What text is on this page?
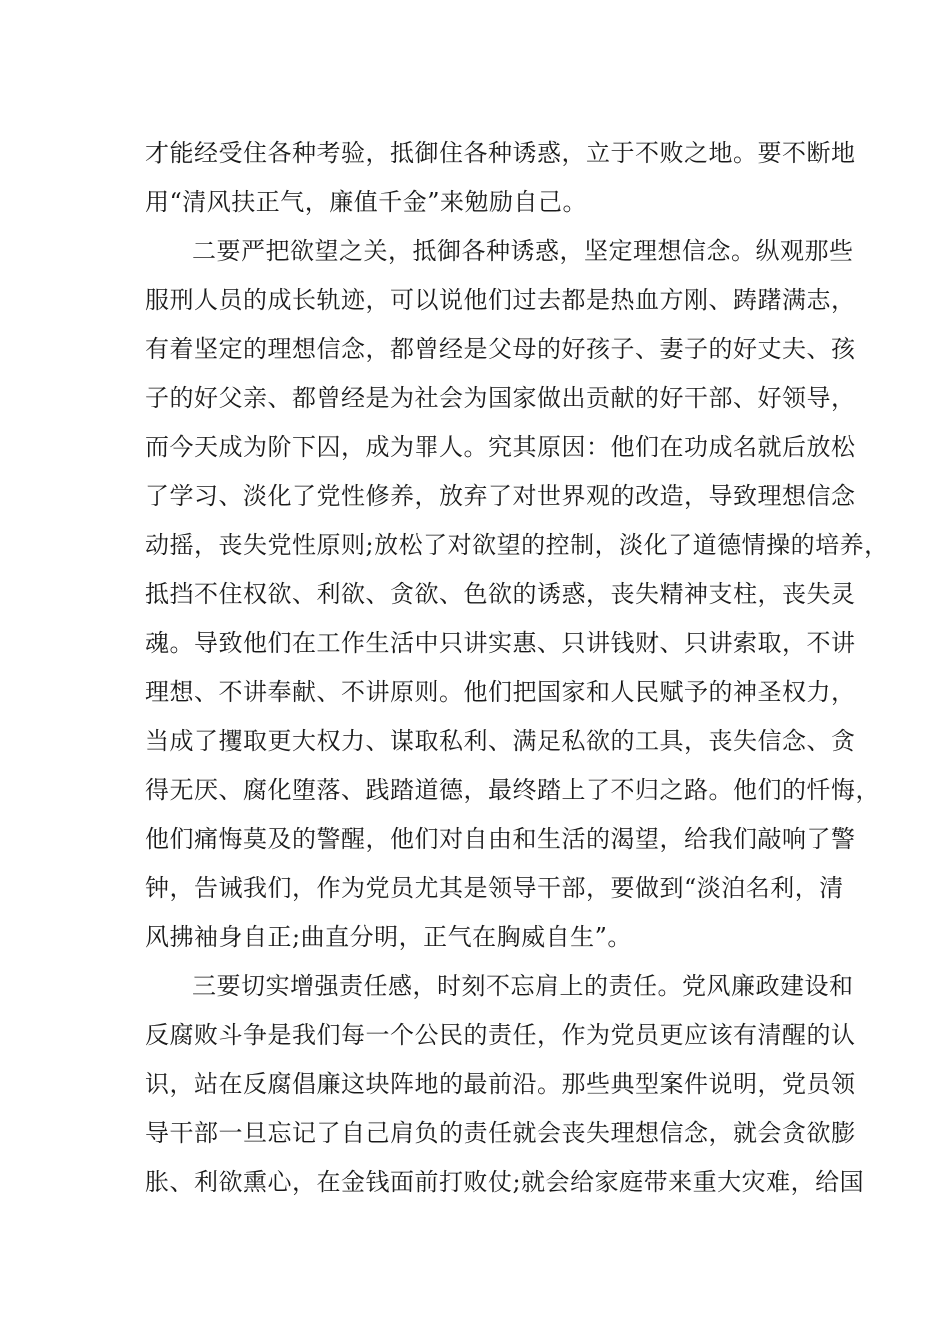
才能经受住各种考验，抵御住各种诱惑，立于不败之地。要不断地
用“清风扶正气，廉值千金”来勉励自己。
二要严把欲望之关，抵御各种诱惑，坚定理想信念。纵观那些
服刑人员的成长轨迹，可以说他们过去都是热血方刚、踌躇满志，
有着坚定的理想信念，都曾经是父母的好孩子、妻子的好丈夫、孩
子的好父亲、都曾经是为社会为国家做出贡献的好干部、好领导，
而今天成为阶下囚，成为罪人。究其原因：他们在功成名就后放松
了学习、淡化了党性修养，放弃了对世界观的改造，导致理想信念
动摇，丧失党性原则;放松了对欲望的控制，淡化了道德情操的培养，
抵挡不住权欲、利欲、贪欲、色欲的诱惑，丧失精神支柱，丧失灵
魂。导致他们在工作生活中只讲实惠、只讲钱财、只讲索取，不讲
理想、不讲奉献、不讲原则。他们把国家和人民赋予的神圣权力，
当成了攫取更大权力、谋取私利、满足私欲的工具，丧失信念、贪
得无厌、腐化堕落、践踏道德，最终踏上了不归之路。他们的忏悔，
他们痛悔莫及的警醒，他们对自由和生活的渴望，给我们敲响了警
钟，告诫我们，作为党员尤其是领导干部，要做到“淡泊名利，清
风拂袖身自正;曲直分明，正气在胸威自生”。
三要切实增强责任感，时刻不忘肩上的责任。党风廉政建设和
反腐败斗争是我们每一个公民的责任，作为党员更应该有清醒的认
识，站在反腐倡廉这块阵地的最前沿。那些典型案件说明，党员领
导干部一旦忘记了自己肩负的责任就会丧失理想信念，就会贪欲膨
胀、利欲熏心，在金钱面前打败仗;就会给家庭带来重大灾难，给国
